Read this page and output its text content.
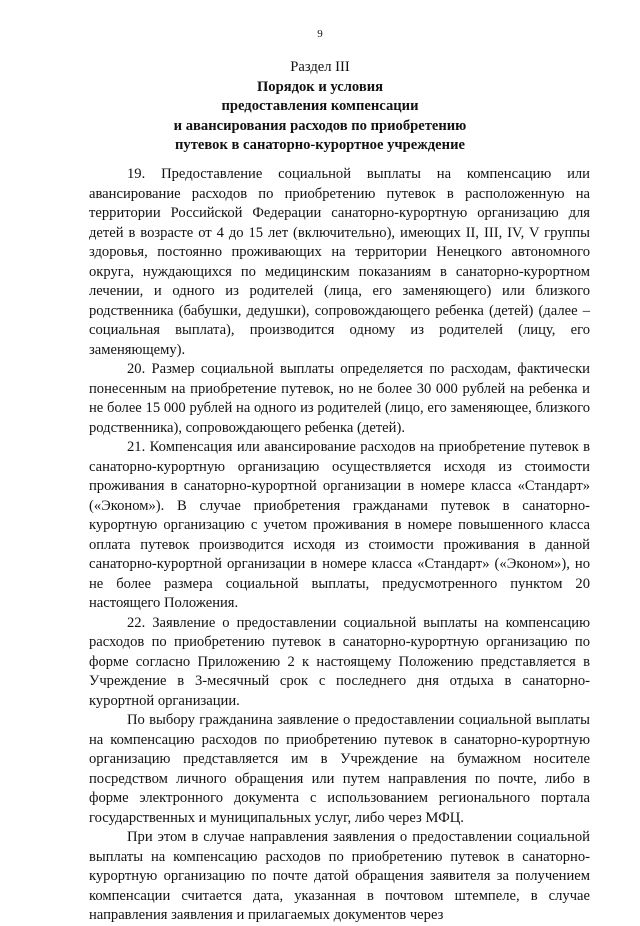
9
Раздел III
Порядок и условия
предоставления компенсации
и авансирования расходов по приобретению
путевок в санаторно-курортное учреждение

19. Предоставление социальной выплаты на компенсацию или авансирование расходов по приобретению путевок в расположенную на территории Российской Федерации санаторно-курортную организацию для детей в возрасте от 4 до 15 лет (включительно), имеющих II, III, IV, V группы здоровья, постоянно проживающих на территории Ненецкого автономного округа, нуждающихся по медицинским показаниям в санаторно-курортном лечении, и одного из родителей (лица, его заменяющего) или близкого родственника (бабушки, дедушки), сопровождающего ребенка (детей) (далее – социальная выплата), производится одному из родителей (лицу, его заменяющему).

20. Размер социальной выплаты определяется по расходам, фактически понесенным на приобретение путевок, но не более 30 000 рублей на ребенка и не более 15 000 рублей на одного из родителей (лицо, его заменяющее, близкого родственника), сопровождающего ребенка (детей).

21. Компенсация или авансирование расходов на приобретение путевок в санаторно-курортную организацию осуществляется исходя из стоимости проживания в санаторно-курортной организации в номере класса «Стандарт» («Эконом»). В случае приобретения гражданами путевок в санаторно-курортную организацию с учетом проживания в номере повышенного класса оплата путевок производится исходя из стоимости проживания в данной санаторно-курортной организации в номере класса «Стандарт» («Эконом»), но не более размера социальной выплаты, предусмотренного пунктом 20 настоящего Положения.

22. Заявление о предоставлении социальной выплаты на компенсацию расходов по приобретению путевок в санаторно-курортную организацию по форме согласно Приложению 2 к настоящему Положению представляется в Учреждение в 3-месячный срок с последнего дня отдыха в санаторно-курортной организации.

По выбору гражданина заявление о предоставлении социальной выплаты на компенсацию расходов по приобретению путевок в санаторно-курортную организацию представляется им в Учреждение на бумажном носителе посредством личного обращения или путем направления по почте, либо в форме электронного документа с использованием регионального портала государственных и муниципальных услуг, либо через МФЦ.

При этом в случае направления заявления о предоставлении социальной выплаты на компенсацию расходов по приобретению путевок в санаторно-курортную организацию по почте датой обращения заявителя за получением компенсации считается дата, указанная в почтовом штемпеле, в случае направления заявления и прилагаемых документов через
